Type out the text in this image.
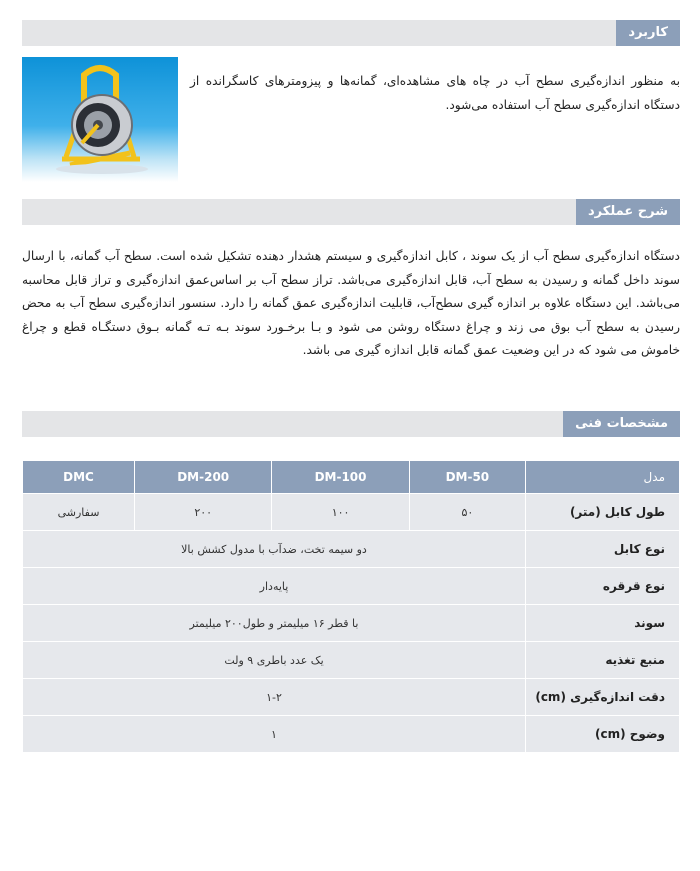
کاربرد
به منظور اندازه‌گیری سطح آب در چاه های مشاهده‌ای، گمانه‌ها و پیزومترهای کاسگرانده از دستگاه اندازه‌گیری سطح آب استفاده می‌شود.
شرح عملکرد
دستگاه اندازه‌گیری سطح آب از یک سوند ، کابل اندازه‌گیری و سیستم هشدار دهنده تشکیل شده است. سطح آب گمانه، با ارسال سوند داخل گمانه و رسیدن به سطح آب، قابل اندازه‌گیری می‌باشد. تراز سطح آب بر اساس‌عمق اندازه‌گیری و تراز قابل محاسبه می‌باشد. این دستگاه علاوه بر اندازه گیری سطح‌آب، قابلیت اندازه‌گیری عمق گمانه را دارد. سنسور اندازه‌گیری سطح آب به محض رسیدن به سطح آب بوق می زند و چراغ دستگاه روشن می شود و بـا برخـورد سوند بـه تـه گمانه بـوق دستگـاه قطع و چراغ خاموش می شود که در این وضعیت عمق گمانه قابل اندازه گیری می باشد.
مشخصات فنی
مدل	DM-50	DM-100	DM-200	DMC
طول کابل (متر)	۵۰	۱۰۰	۲۰۰	سفارشی
نوع کابل	دو سیمه تخت، ضدآب با مدول کشش بالا			
نوع قرقره	پایه‌دار			
سوند	با قطر ۱۶ میلیمتر و طول۲۰۰ میلیمتر			
منبع تغذیه	یک عدد باطری ۹ ولت			
دقت اندازه‌گیری (cm)	۱-۲			
وضوح (cm)	۱			
